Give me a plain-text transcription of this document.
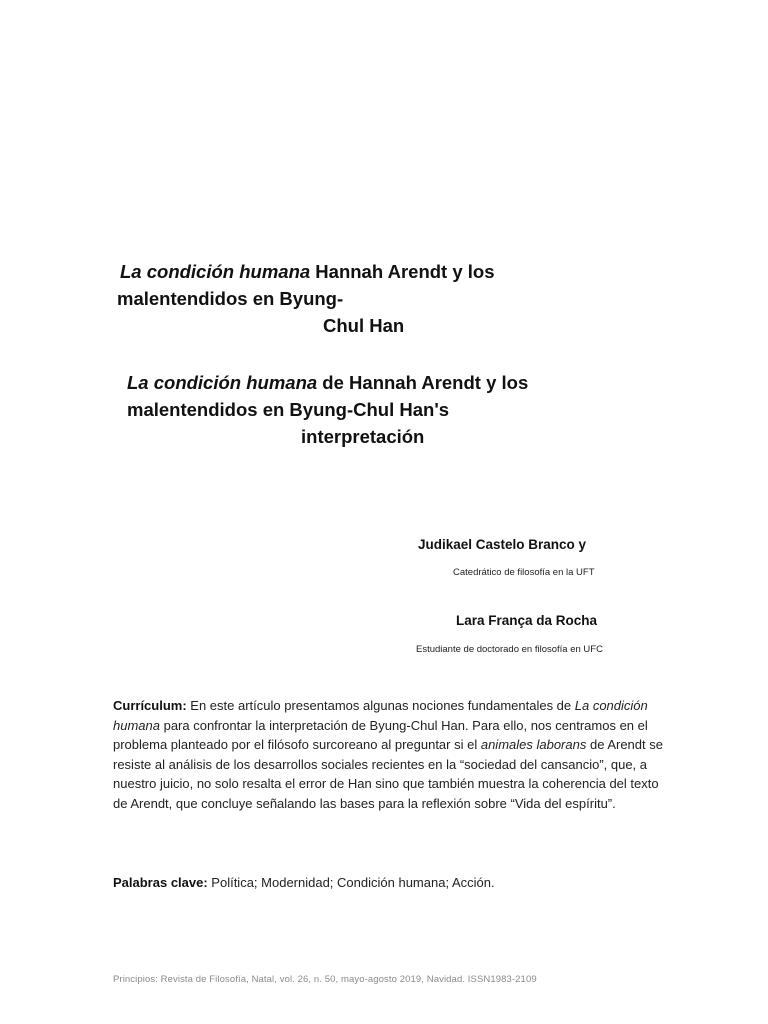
La condición humana Hannah Arendt y los
malentendidos en Byung-
Chul Han
La condición humana de Hannah Arendt y los
malentendidos en Byung-Chul Han's
interpretación
Judikael Castelo Branco y
Catedrático de filosofía en la UFT
Lara França da Rocha
Estudiante de doctorado en filosofía en UFC

Currículum: En este artículo presentamos algunas nociones fundamentales de La condición humana para confrontar la interpretación de Byung-Chul Han. Para ello, nos centramos en el problema planteado por el filósofo surcoreano al preguntar si el animales laborans de Arendt se resiste al análisis de los desarrollos sociales recientes en la “sociedad del cansancio”, que, a nuestro juicio, no solo resalta el error de Han sino que también muestra la coherencia del texto de Arendt, que concluye señalando las bases para la reflexión sobre “Vida del espíritu”.

Palabras clave: Política; Modernidad; Condición humana; Acción.

Principios: Revista de Filosofía, Natal, vol. 26, n. 50, mayo-agosto 2019, Navidad. ISSN1983-2109
